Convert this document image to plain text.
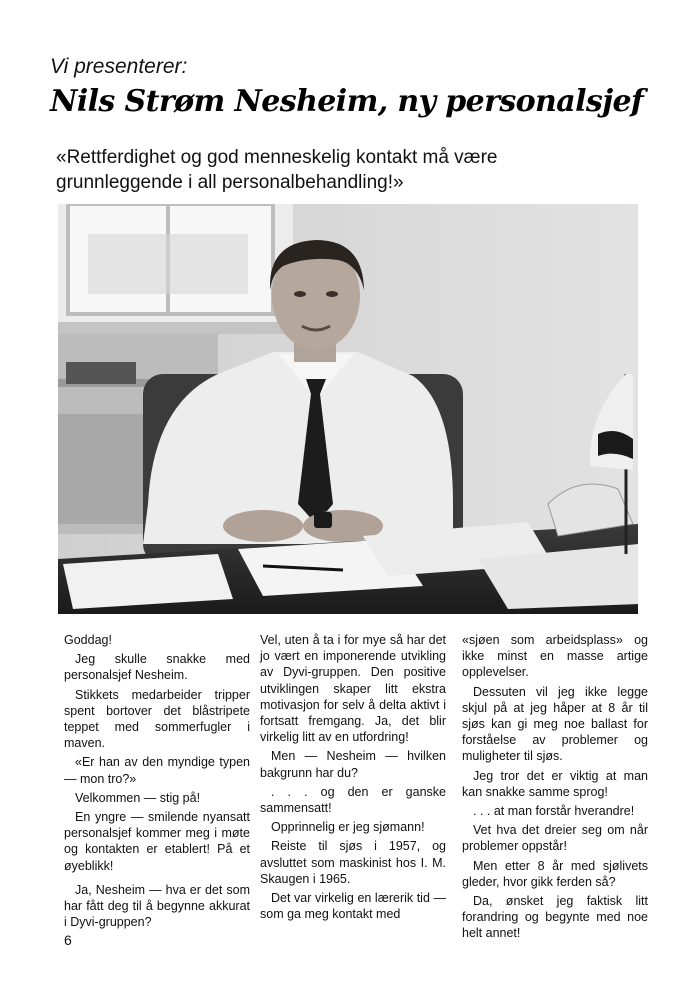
Vi presenterer:
Nils Strøm Nesheim, ny personalsjef
«Rettferdighet og god menneskelig kontakt må være grunnleggende i all personalbehandling!»

Goddag!

Jeg skulle snakke med personalsjef Nesheim.

Stikkets medarbeider tripper spent bortover det blåstripete teppet med sommerfugler i maven.

«Er han av den myndige typen — mon tro?»

Velkommen — stig på!

En yngre — smilende nyansatt personalsjef kommer meg i møte og kontakten er etablert! På et øyeblikk!

Ja, Nesheim — hva er det som har fått deg til å begynne akkurat i Dyvi-gruppen?

Vel, uten å ta i for mye så har det jo vært en imponerende utvikling av Dyvi-gruppen. Den positive utviklingen skaper litt ekstra motivasjon for selv å delta aktivt i fortsatt fremgang. Ja, det blir virkelig litt av en utfordring!

Men — Nesheim — hvilken bakgrunn har du?

. . . og den er ganske sammensatt!

Opprinnelig er jeg sjømann!

Reiste til sjøs i 1957, og avsluttet som maskinist hos I. M. Skaugen i 1965.

Det var virkelig en lærerik tid — som ga meg kontakt med

«sjøen som arbeidsplass» og ikke minst en masse artige opplevelser.

Dessuten vil jeg ikke legge skjul på at jeg håper at 8 år til sjøs kan gi meg noe ballast for forståelse av problemer og muligheter til sjøs.

Jeg tror det er viktig at man kan snakke samme sprog!

. . . at man forstår hverandre!

Vet hva det dreier seg om når problemer oppstår!

Men etter 8 år med sjølivets gleder, hvor gikk ferden så?

Da, ønsket jeg faktisk litt forandring og begynte med noe helt annet!

6
